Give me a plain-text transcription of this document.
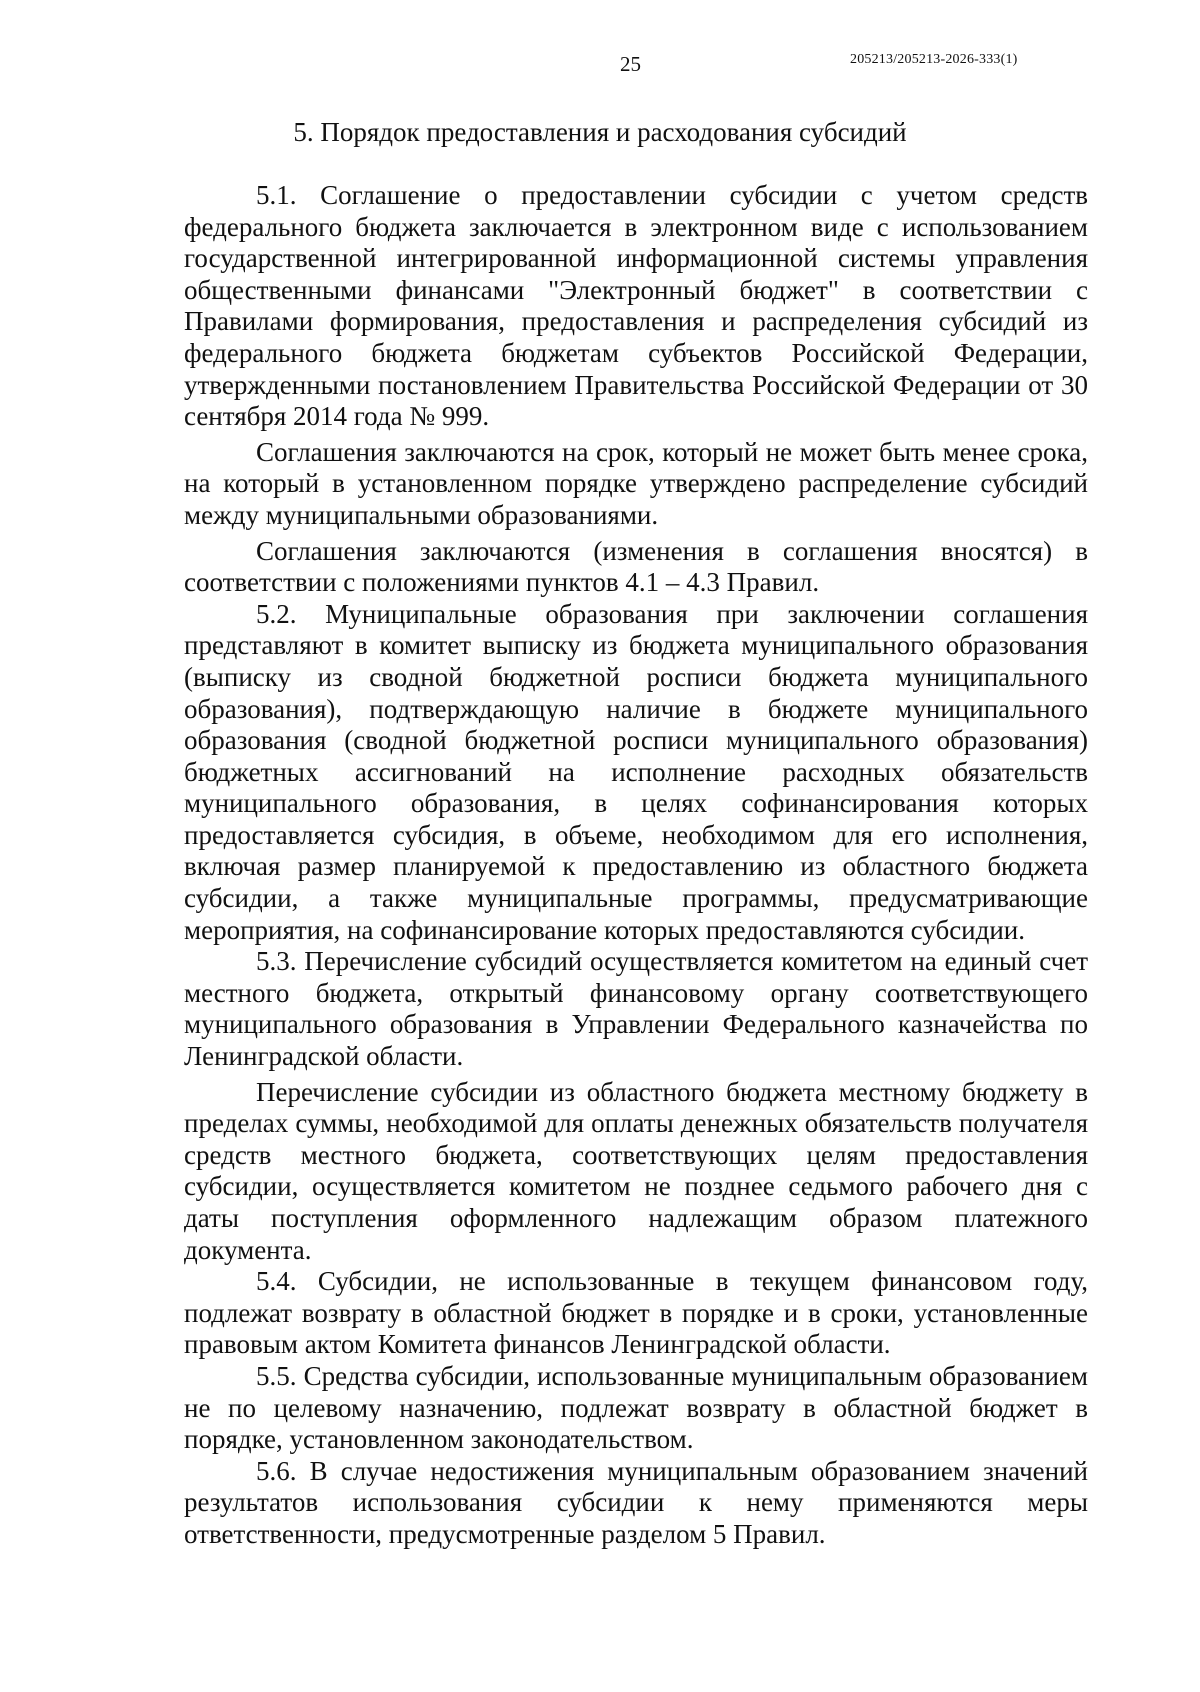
25	205213/205213-2026-333(1)
5. Порядок предоставления и расходования субсидий

5.1. Соглашение о предоставлении субсидии с учетом средств федерального бюджета заключается в электронном виде с использованием государственной интегрированной информационной системы управления общественными финансами "Электронный бюджет" в соответствии с Правилами формирования, предоставления и распределения субсидий из федерального бюджета бюджетам субъектов Российской Федерации, утвержденными постановлением Правительства Российской Федерации от 30 сентября 2014 года № 999.

Соглашения заключаются на срок, который не может быть менее срока, на который в установленном порядке утверждено распределение субсидий между муниципальными образованиями.

Соглашения заключаются (изменения в соглашения вносятся) в соответствии с положениями пунктов 4.1 – 4.3 Правил.

5.2. Муниципальные образования при заключении соглашения представляют в комитет выписку из бюджета муниципального образования (выписку из сводной бюджетной росписи бюджета муниципального образования), подтверждающую наличие в бюджете муниципального образования (сводной бюджетной росписи муниципального образования) бюджетных ассигнований на исполнение расходных обязательств муниципального образования, в целях софинансирования которых предоставляется субсидия, в объеме, необходимом для его исполнения, включая размер планируемой к предоставлению из областного бюджета субсидии, а также муниципальные программы, предусматривающие мероприятия, на софинансирование которых предоставляются субсидии.

5.3. Перечисление субсидий осуществляется комитетом на единый счет местного бюджета, открытый финансовому органу соответствующего муниципального образования в Управлении Федерального казначейства по Ленинградской области.

Перечисление субсидии из областного бюджета местному бюджету в пределах суммы, необходимой для оплаты денежных обязательств получателя средств местного бюджета, соответствующих целям предоставления субсидии, осуществляется комитетом не позднее седьмого рабочего дня с даты поступления оформленного надлежащим образом платежного документа.

5.4. Субсидии, не использованные в текущем финансовом году, подлежат возврату в областной бюджет в порядке и в сроки, установленные правовым актом Комитета финансов Ленинградской области.

5.5. Средства субсидии, использованные муниципальным образованием не по целевому назначению, подлежат возврату в областной бюджет в порядке, установленном законодательством.

5.6. В случае недостижения муниципальным образованием значений результатов использования субсидии к нему применяются меры ответственности, предусмотренные разделом 5 Правил.
